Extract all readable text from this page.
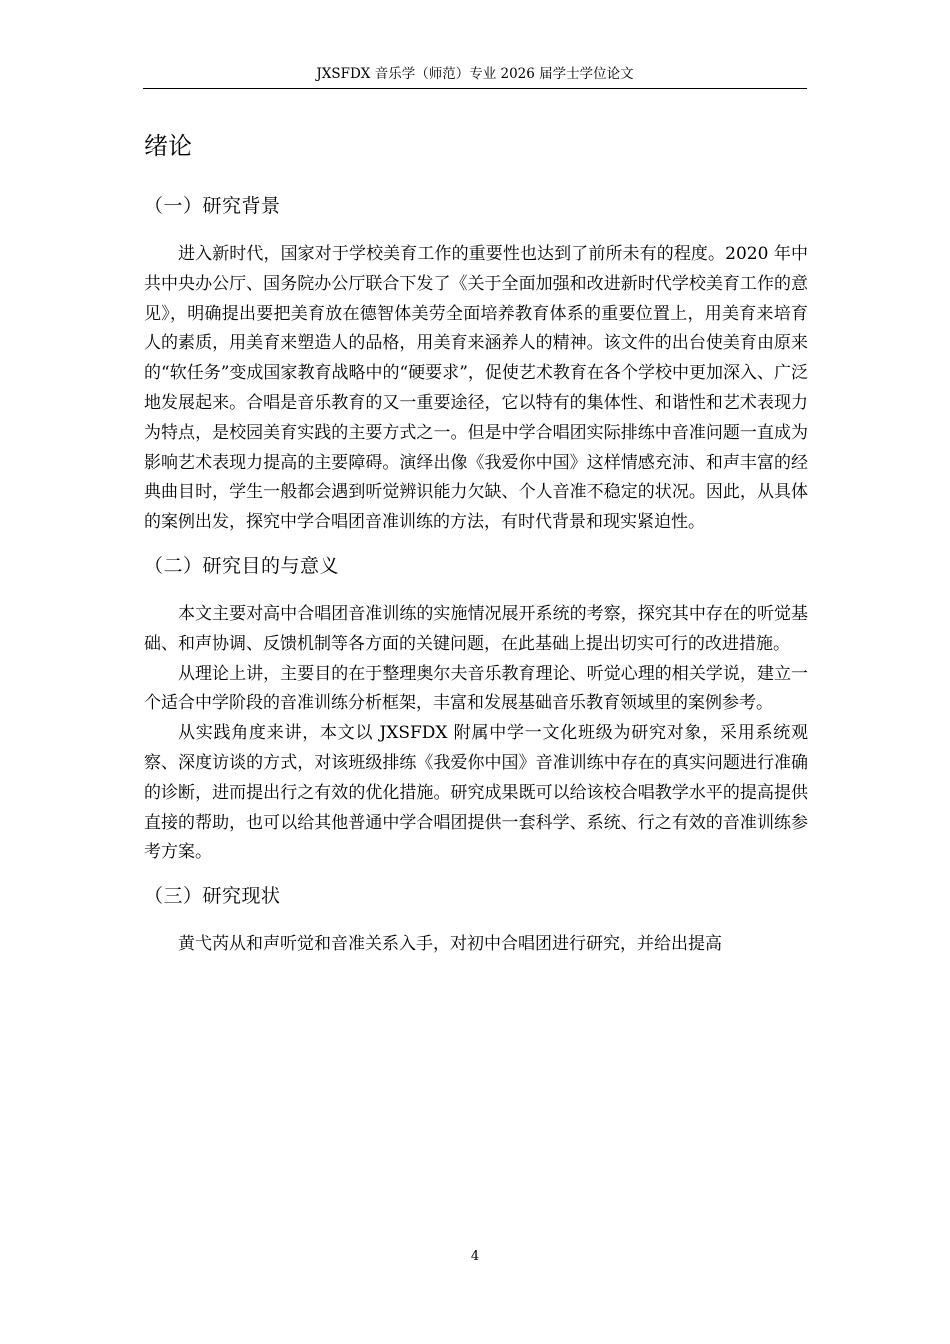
JXSFDX 音乐学（师范）专业 2026 届学士学位论文
绪论
（一）研究背景

进入新时代，国家对于学校美育工作的重要性也达到了前所未有的程度。2020 年中共中央办公厅、国务院办公厅联合下发了《关于全面加强和改进新时代学校美育工作的意见》，明确提出要把美育放在德智体美劳全面培养教育体系的重要位置上，用美育来培育人的素质，用美育来塑造人的品格，用美育来涵养人的精神。该文件的出台使美育由原来的“软任务”变成国家教育战略中的“硬要求”，促使艺术教育在各个学校中更加深入、广泛地发展起来。合唱是音乐教育的又一重要途径，它以特有的集体性、和谐性和艺术表现力为特点，是校园美育实践的主要方式之一。但是中学合唱团实际排练中音准问题一直成为影响艺术表现力提高的主要障碍。演绎出像《我爱你中国》这样情感充沛、和声丰富的经典曲目时，学生一般都会遇到听觉辨识能力欠缺、个人音准不稳定的状况。因此，从具体的案例出发，探究中学合唱团音准训练的方法，有时代背景和现实紧迫性。

（二）研究目的与意义

本文主要对高中合唱团音准训练的实施情况展开系统的考察，探究其中存在的听觉基础、和声协调、反馈机制等各方面的关键问题，在此基础上提出切实可行的改进措施。

从理论上讲，主要目的在于整理奥尔夫音乐教育理论、听觉心理的相关学说，建立一个适合中学阶段的音准训练分析框架，丰富和发展基础音乐教育领域里的案例参考。

从实践角度来讲，本文以 JXSFDX 附属中学一文化班级为研究对象，采用系统观察、深度访谈的方式，对该班级排练《我爱你中国》音准训练中存在的真实问题进行准确的诊断，进而提出行之有效的优化措施。研究成果既可以给该校合唱教学水平的提高提供直接的帮助，也可以给其他普通中学合唱团提供一套科学、系统、行之有效的音准训练参考方案。

（三）研究现状

黄弋芮从和声听觉和音准关系入手，对初中合唱团进行研究，并给出提高

4
